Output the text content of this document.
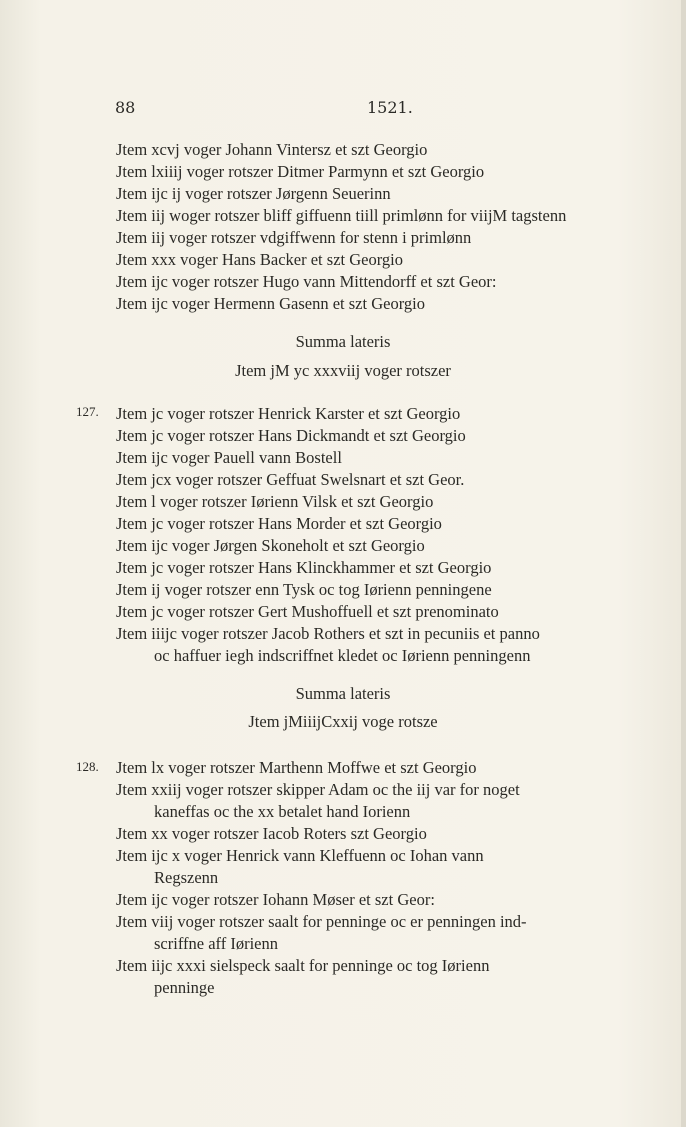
88	1521.
Jtem xcvj voger Johann Vintersz et szt Georgio
Jtem lxiiij voger rotszer Ditmer Parmynn et szt Georgio
Jtem ijc ij voger rotszer Jørgenn Seuerinn
Jtem iij woger rotszer bliff giffuenn tiill primlønn for viijM tagstenn
Jtem iij voger rotszer vdgiffwenn for stenn i primlønn
Jtem xxx voger Hans Backer et szt Georgio
Jtem ijc voger rotszer Hugo vann Mittendorff et szt Geor:
Jtem ijc voger Hermenn Gasenn et szt Georgio
Summa lateris
Jtem jM yc xxxviij voger rotszer
127. Jtem jc voger rotszer Henrick Karster et szt Georgio
Jtem jc voger rotszer Hans Dickmandt et szt Georgio
Jtem ijc voger Pauell vann Bostell
Jtem jcx voger rotszer Geffuat Swelsnart et szt Geor.
Jtem l voger rotszer Iørienn Vilsk et szt Georgio
Jtem jc voger rotszer Hans Morder et szt Georgio
Jtem ijc voger Jørgen Skoneholt et szt Georgio
Jtem jc voger rotszer Hans Klinckhammer et szt Georgio
Jtem ij voger rotszer enn Tysk oc tog Iørienn penningene
Jtem jc voger rotszer Gert Mushoffuell et szt prenominato
Jtem iiijc voger rotszer Jacob Rothers et szt in pecuniis et panno
oc haffuer iegh indscriffnet kledet oc Iørienn penningenn
Summa lateris
Jtem jMiiijCxxij voge rotsze
128. Jtem lx voger rotszer Marthenn Moffwe et szt Georgio
Jtem xxiij voger rotszer skipper Adam oc the iij var for noget
kaneffas oc the xx betalet hand Iorienn
Jtem xx voger rotszer Iacob Roters szt Georgio
Jtem ijc x voger Henrick vann Kleffuenn oc Iohan vann
Regszenn
Jtem ijc voger rotszer Iohann Møser et szt Geor:
Jtem viij voger rotszer saalt for penninge oc er penningen ind-
scriffne aff Iørienn
Jtem iijc xxxi sielspeck saalt for penninge oc tog Iørienn
penninge
